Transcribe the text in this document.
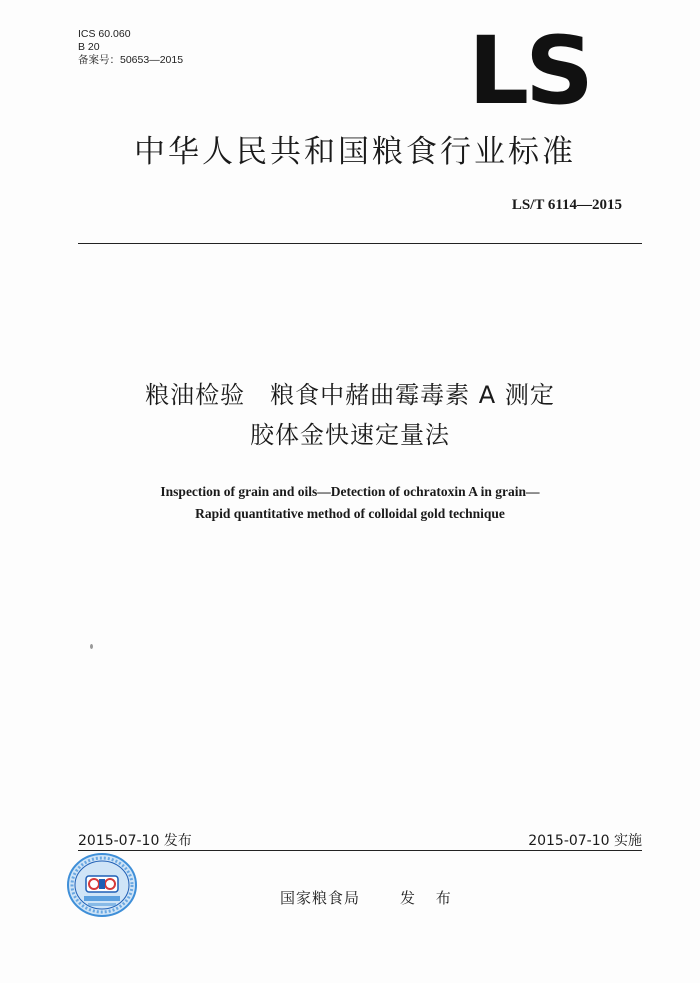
ICS 60.060
B 20
备案号：50653—2015	LS
中华人民共和国粮食行业标准
LS/T 6114—2015
粮油检验　粮食中赭曲霉毒素 A 测定
胶体金快速定量法
Inspection of grain and oils—Detection of ochratoxin A in grain—
Rapid quantitative method of colloidal gold technique
2015-07-10 发布	2015-07-10 实施
国家粮食局	发 布
